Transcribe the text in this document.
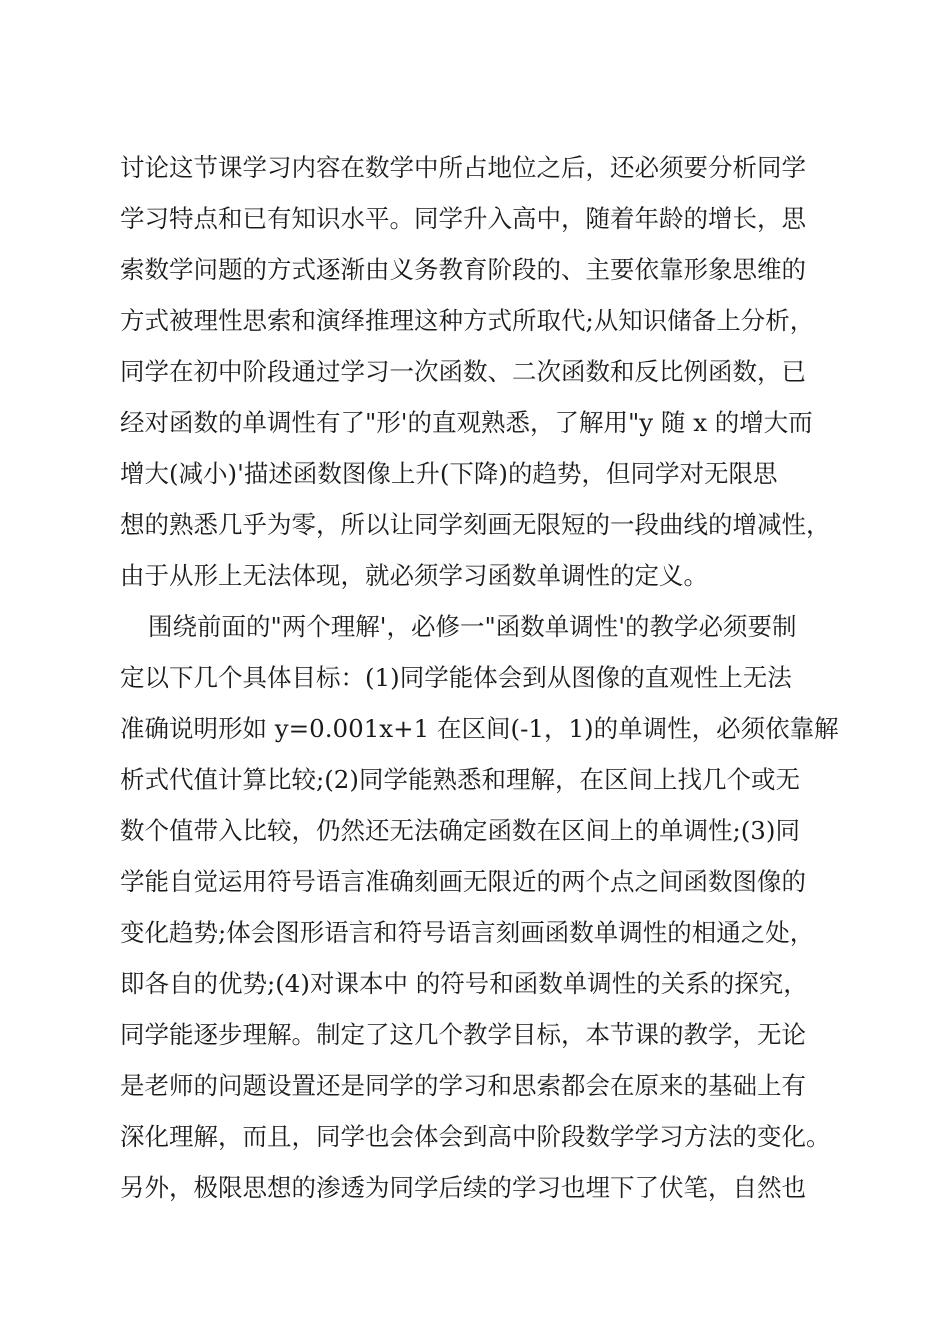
讨论这节课学习内容在数学中所占地位之后，还必须要分析同学
学习特点和已有知识水平。同学升入高中，随着年龄的增长，思
索数学问题的方式逐渐由义务教育阶段的、主要依靠形象思维的
方式被理性思索和演绎推理这种方式所取代;从知识储备上分析，
同学在初中阶段通过学习一次函数、二次函数和反比例函数，已
经对函数的单调性有了"形'的直观熟悉，了解用"y 随 x 的增大而
增大(减小)'描述函数图像上升(下降)的趋势，但同学对无限思
想的熟悉几乎为零，所以让同学刻画无限短的一段曲线的增减性，
由于从形上无法体现，就必须学习函数单调性的定义。
围绕前面的"两个理解'，必修一"函数单调性'的教学必须要制
定以下几个具体目标：(1)同学能体会到从图像的直观性上无法
准确说明形如 y=0.001x+1 在区间(-1，1)的单调性，必须依靠解
析式代值计算比较;(2)同学能熟悉和理解，在区间上找几个或无
数个值带入比较，仍然还无法确定函数在区间上的单调性;(3)同
学能自觉运用符号语言准确刻画无限近的两个点之间函数图像的
变化趋势;体会图形语言和符号语言刻画函数单调性的相通之处，
即各自的优势;(4)对课本中 的符号和函数单调性的关系的探究，
同学能逐步理解。制定了这几个教学目标，本节课的教学，无论
是老师的问题设置还是同学的学习和思索都会在原来的基础上有
深化理解，而且，同学也会体会到高中阶段数学学习方法的变化。
另外，极限思想的渗透为同学后续的学习也埋下了伏笔，自然也
